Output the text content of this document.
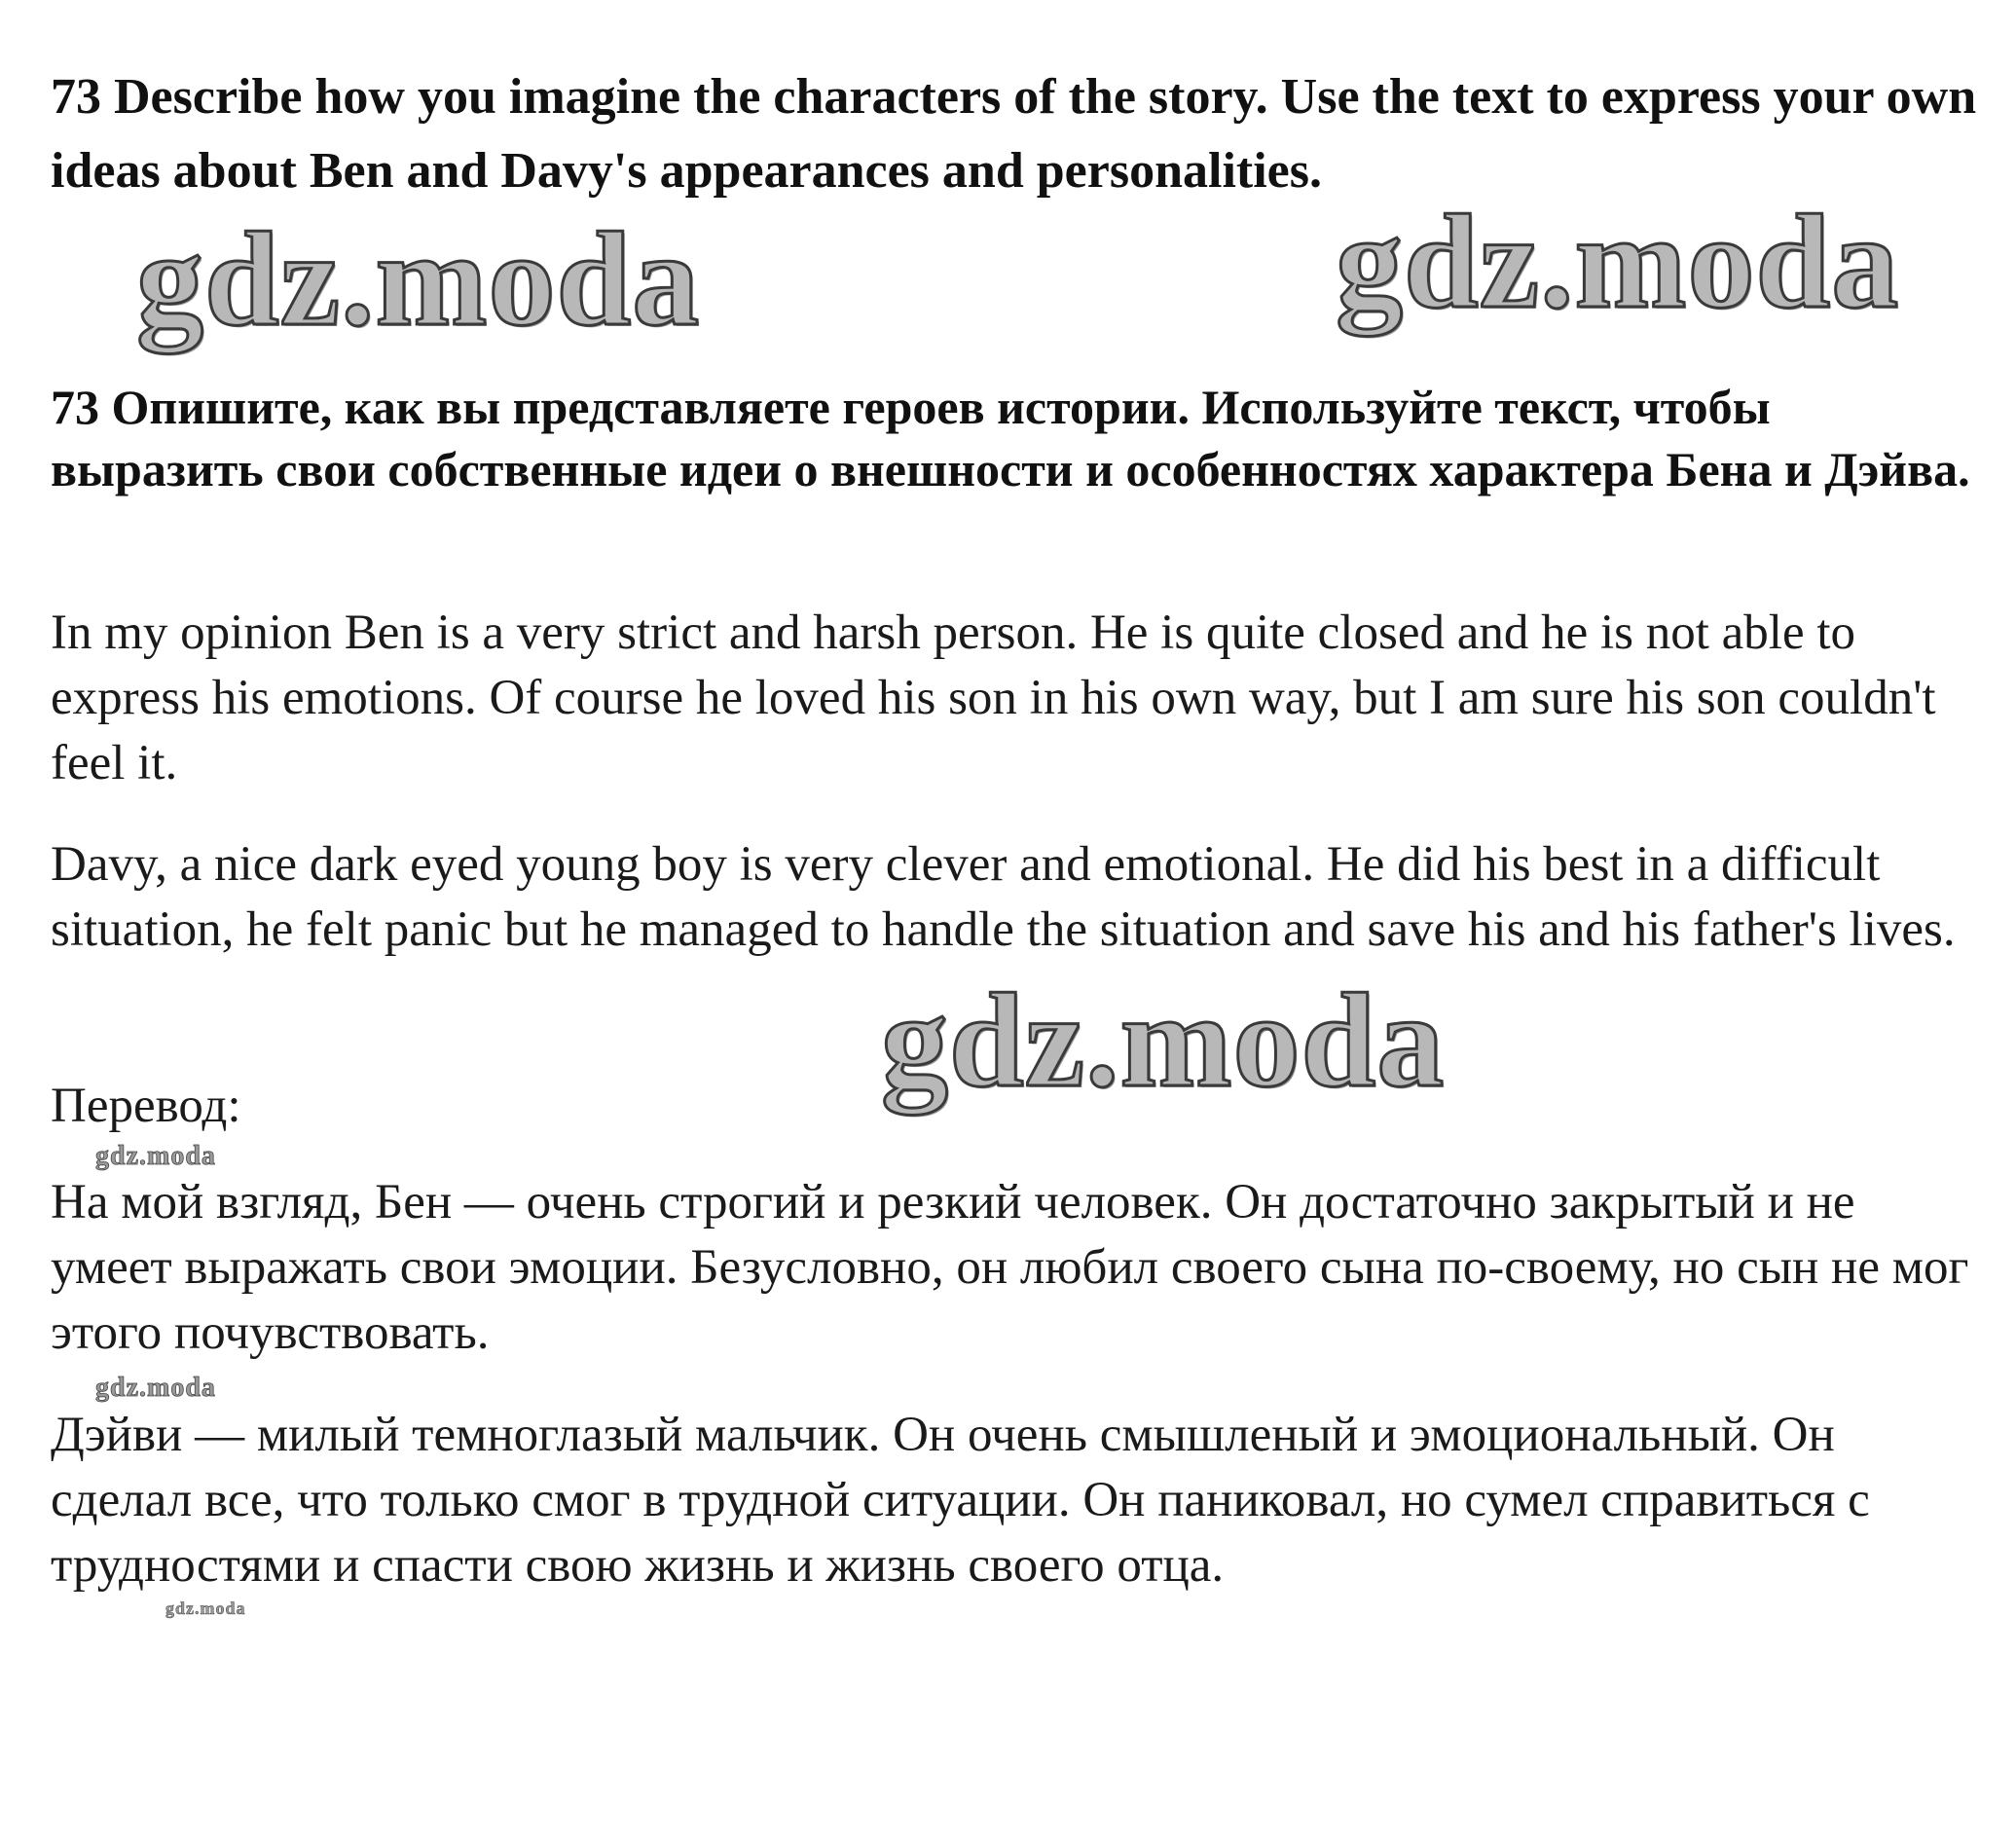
73 Describe how you imagine the characters of the story. Use the text to express your own ideas about Ben and Davy's appearances and personalities.

gdz.moda	gdz.moda

73 Опишите, как вы представляете героев истории. Используйте текст, чтобы выразить свои собственные идеи о внешности и особенностях характера Бена и Дэйва.

In my opinion Ben is a very strict and harsh person. He is quite closed and he is not able to express his emotions. Of course he loved his son in his own way, but I am sure his son couldn't feel it.

Davy, a nice dark eyed young boy is very clever and emotional. He did his best in a difficult situation, he felt panic but he managed to handle the situation and save his and his father's lives.

gdz.moda

Перевод:

gdz.moda

На мой взгляд, Бен — очень строгий и резкий человек. Он достаточно закрытый и не умеет выражать свои эмоции. Безусловно, он любил своего сына по-своему, но сын не мог этого почувствовать.

gdz.moda

Дэйви — милый темноглазый мальчик. Он очень смышленый и эмоциональный. Он сделал все, что только смог в трудной ситуации. Он паниковал, но сумел справиться с трудностями и спасти свою жизнь и жизнь своего отца.

gdz.moda
